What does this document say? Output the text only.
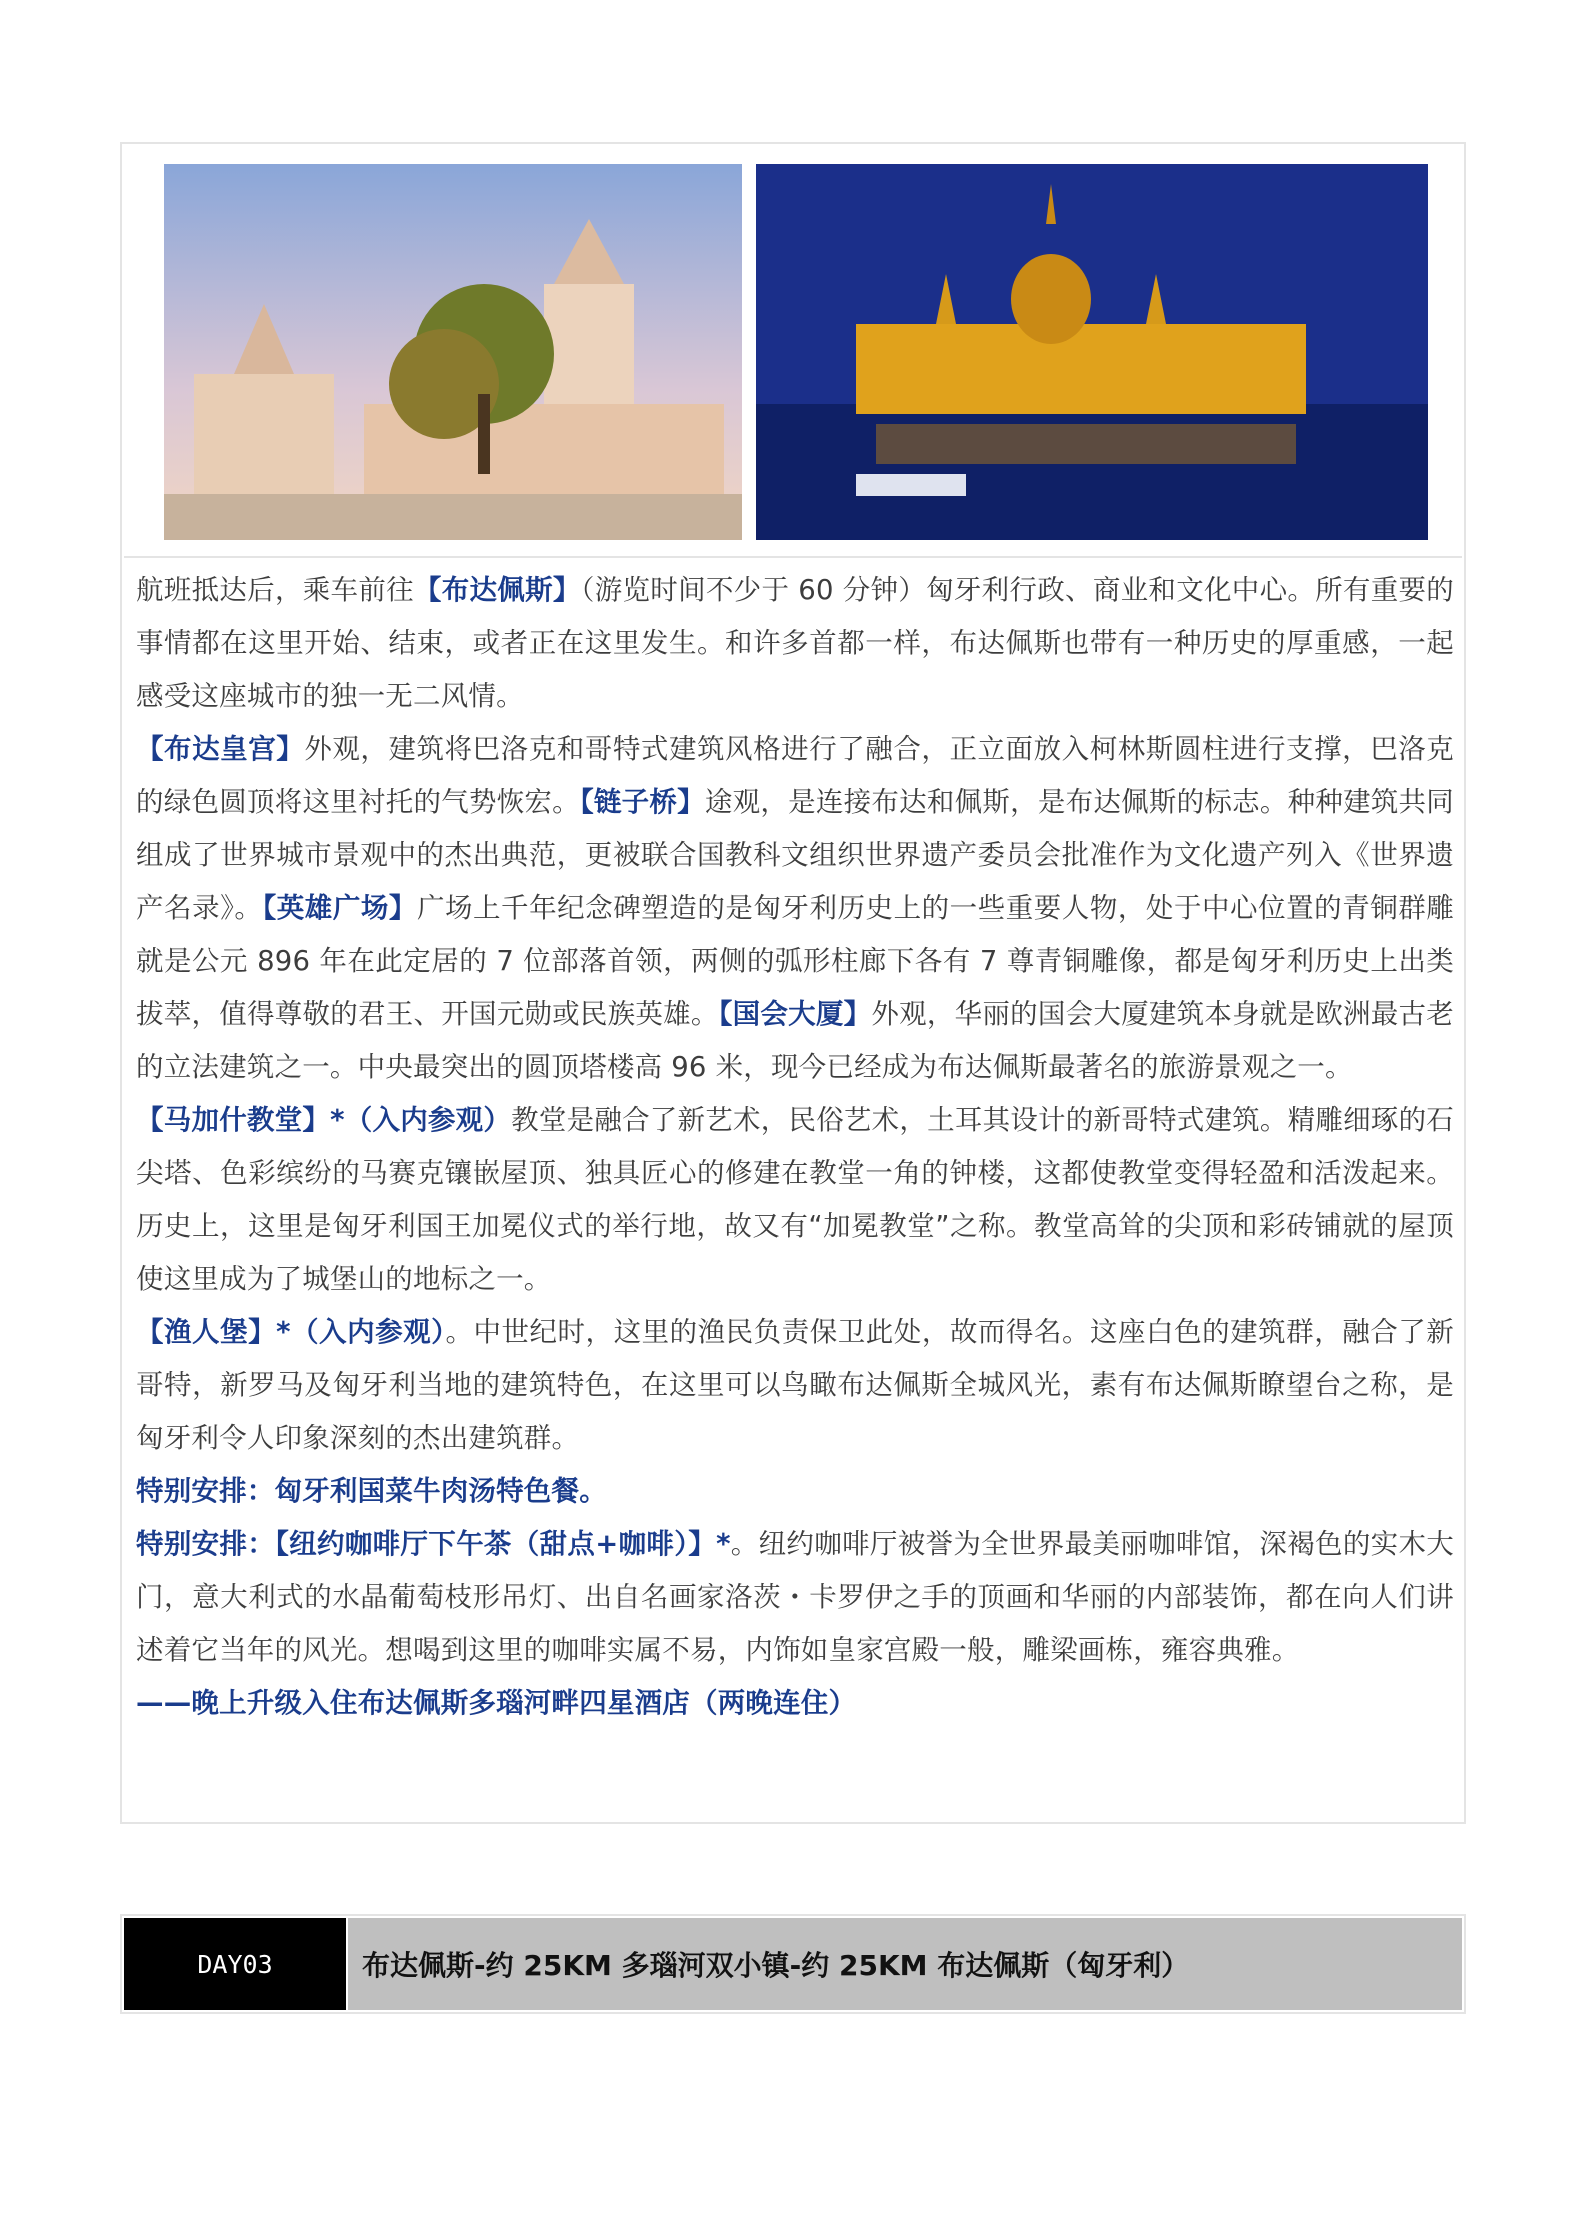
航班抵达后，乘车前往【布达佩斯】（游览时间不少于 60 分钟）匈牙利行政、商业和文化中心。所有重要的事情都在这里开始、结束，或者正在这里发生。和许多首都一样，布达佩斯也带有一种历史的厚重感，一起感受这座城市的独一无二风情。

【布达皇宫】外观，建筑将巴洛克和哥特式建筑风格进行了融合，正立面放入柯林斯圆柱进行支撑，巴洛克的绿色圆顶将这里衬托的气势恢宏。【链子桥】途观，是连接布达和佩斯，是布达佩斯的标志。种种建筑共同组成了世界城市景观中的杰出典范，更被联合国教科文组织世界遗产委员会批准作为文化遗产列入《世界遗产名录》。【英雄广场】广场上千年纪念碑塑造的是匈牙利历史上的一些重要人物，处于中心位置的青铜群雕就是公元 896 年在此定居的 7 位部落首领，两侧的弧形柱廊下各有 7 尊青铜雕像，都是匈牙利历史上出类拔萃，值得尊敬的君王、开国元勋或民族英雄。【国会大厦】外观，华丽的国会大厦建筑本身就是欧洲最古老的立法建筑之一。中央最突出的圆顶塔楼高 96 米，现今已经成为布达佩斯最著名的旅游景观之一。

【马加什教堂】*（入内参观）教堂是融合了新艺术，民俗艺术，土耳其设计的新哥特式建筑。精雕细琢的石尖塔、色彩缤纷的马赛克镶嵌屋顶、独具匠心的修建在教堂一角的钟楼，这都使教堂变得轻盈和活泼起来。历史上，这里是匈牙利国王加冕仪式的举行地，故又有“加冕教堂”之称。教堂高耸的尖顶和彩砖铺就的屋顶使这里成为了城堡山的地标之一。

【渔人堡】*（入内参观）。中世纪时，这里的渔民负责保卫此处，故而得名。这座白色的建筑群，融合了新哥特，新罗马及匈牙利当地的建筑特色，在这里可以鸟瞰布达佩斯全城风光，素有布达佩斯瞭望台之称，是匈牙利令人印象深刻的杰出建筑群。

特别安排：匈牙利国菜牛肉汤特色餐。

特别安排：【纽约咖啡厅下午茶（甜点+咖啡）】*。纽约咖啡厅被誉为全世界最美丽咖啡馆，深褐色的实木大门，意大利式的水晶葡萄枝形吊灯、出自名画家洛茨・卡罗伊之手的顶画和华丽的内部装饰，都在向人们讲述着它当年的风光。想喝到这里的咖啡实属不易，内饰如皇家宫殿一般，雕梁画栋，雍容典雅。

——晚上升级入住布达佩斯多瑙河畔四星酒店（两晚连住）

DAY03	布达佩斯-约 25KM 多瑙河双小镇-约 25KM 布达佩斯（匈牙利）
